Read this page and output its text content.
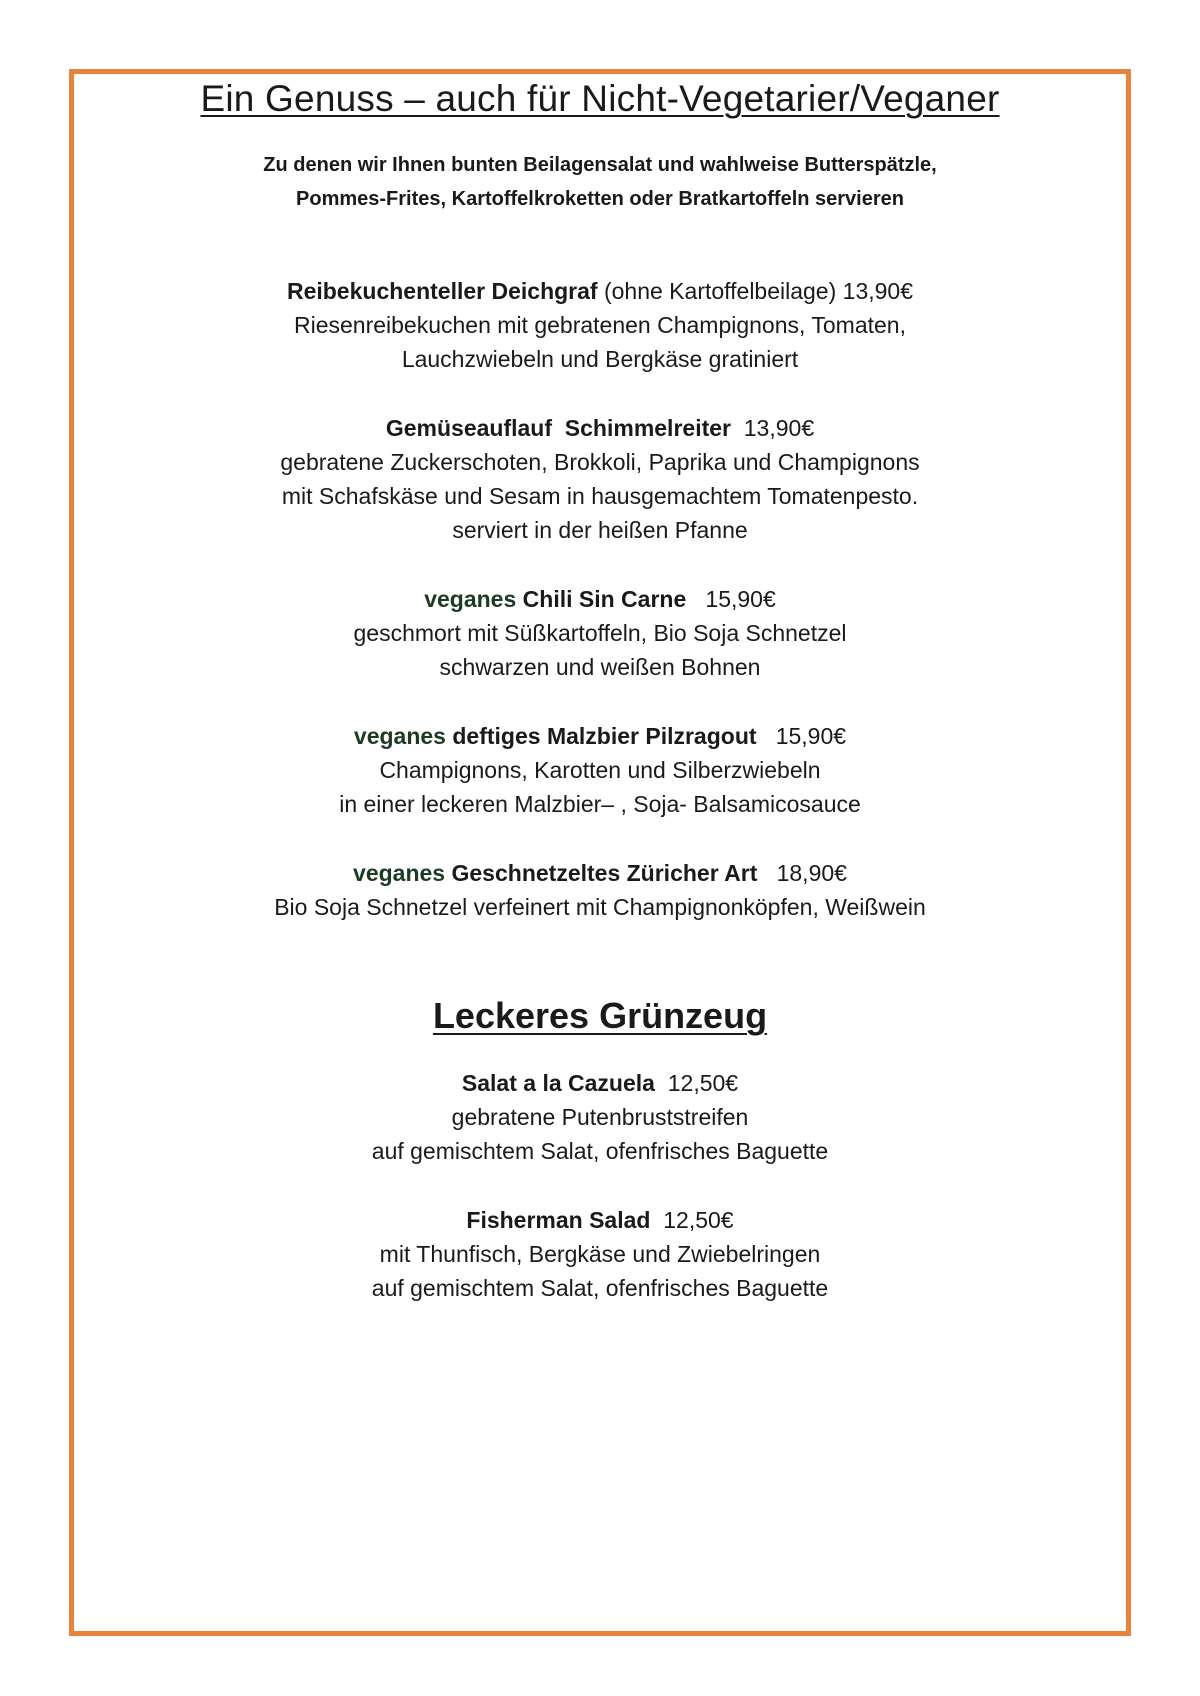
Ein Genuss – auch für Nicht-Vegetarier/Veganer
Zu denen wir Ihnen bunten Beilagensalat und wahlweise Butterspätzle,
Pommes-Frites, Kartoffelkroketten oder Bratkartoffeln servieren
Reibekuchenteller Deichgraf (ohne Kartoffelbeilage) 13,90€
Riesenreibekuchen mit gebratenen Champignons, Tomaten,
Lauchzwiebeln und Bergkäse gratiniert
Gemüseauflauf  Schimmelreiter 13,90€
gebratene Zuckerschoten, Brokkoli, Paprika und Champignons
mit Schafskäse und Sesam in hausgemachtem Tomatenpesto.
serviert in der heißen Pfanne
veganes Chili Sin Carne 15,90€
geschmort mit Süßkartoffeln, Bio Soja Schnetzel
schwarzen und weißen Bohnen
veganes deftiges Malzbier Pilzragout 15,90€
Champignons, Karotten und Silberzwiebeln
in einer leckeren Malzbier– , Soja- Balsamicosauce
veganes Geschnetzeltes Züricher Art 18,90€
Bio Soja Schnetzel verfeinert mit Champignonköpfen, Weißwein
Leckeres Grünzeug
Salat a la Cazuela 12,50€
gebratene Putenbruststreifen
auf gemischtem Salat, ofenfrisches Baguette
Fisherman Salad 12,50€
mit Thunfisch, Bergkäse und Zwiebelringen
auf gemischtem Salat, ofenfrisches Baguette
